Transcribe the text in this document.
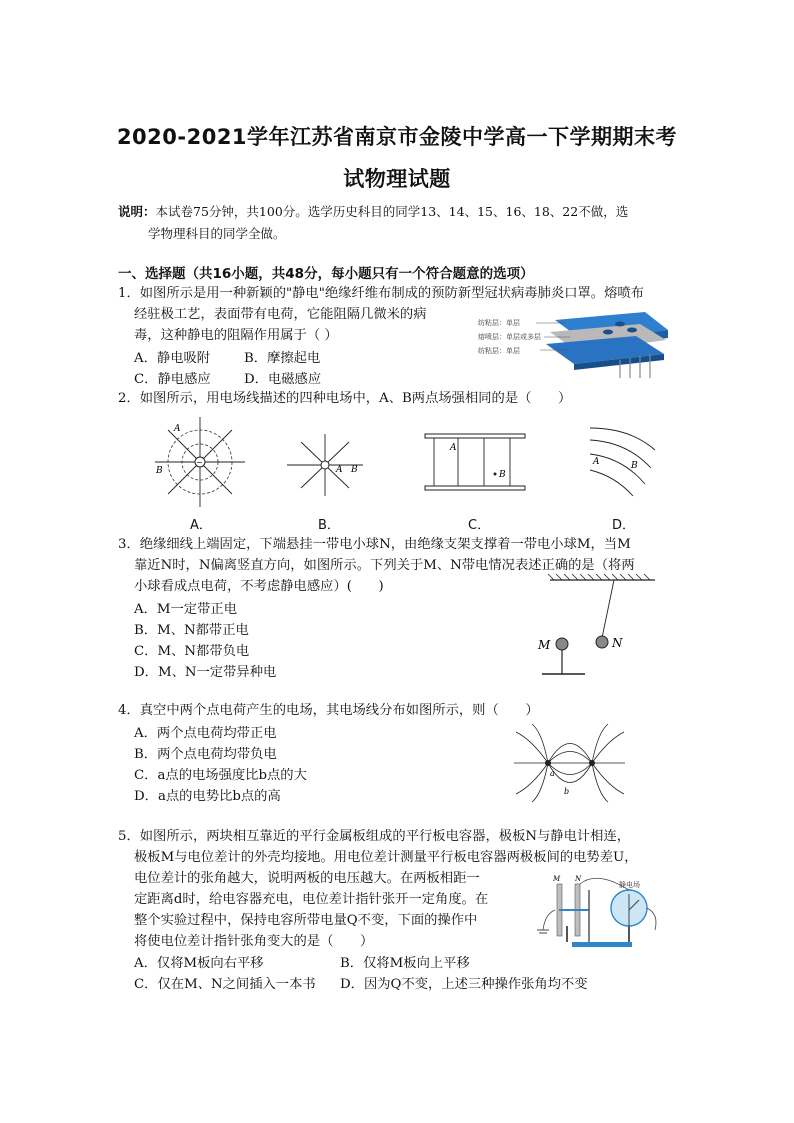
2020-2021学年江苏省南京市金陵中学高一下学期期末考
试物理试题
说明：本试卷75分钟，共100分。选学历史科目的同学13、14、15、16、18、22不做，选
学物理科目的同学全做。
一、选择题（共16小题，共48分，每小题只有一个符合题意的选项）
1．如图所示是用一种新颖的"静电"绝缘纤维布制成的预防新型冠状病毒肺炎口罩。熔喷布
经驻极工艺，表面带有电荷，它能阻隔几微米的病
毒，这种静电的阻隔作用属于（ ）
A．静电吸附	B．摩擦起电
C．静电感应	D．电磁感应
纺粘层：单层
熔喷层：单层或多层
纺粘层：单层
2．如图所示，用电场线描述的四种电场中，A、B两点场强相同的是（　　）
−
A
B	A B
A
B
A	B
A．	B．	C．	D．
3．绝缘细线上端固定，下端悬挂一带电小球N，由绝缘支架支撑着一带电小球M，当M
靠近N时，N偏离竖直方向，如图所示。下列关于M、N带电情况表述正确的是（将两
小球看成点电荷，不考虑静电感应）(　　)
A．M一定带正电
B．M、N都带正电
C．M、N都带负电
D．M、N一定带异种电
N
M
4．真空中两个点电荷产生的电场，其电场线分布如图所示，则（　　）
A．两个点电荷均带正电
B．两个点电荷均带负电
C．a点的电场强度比b点的大
D．a点的电势比b点的高
a
b
5．如图所示，两块相互靠近的平行金属板组成的平行板电容器，极板N与静电计相连，
极板M与电位差计的外壳均接地。用电位差计测量平行板电容器两极板间的电势差U，
电位差计的张角越大，说明两板的电压越大。在两板相距一
定距离d时，给电容器充电，电位差计指针张开一定角度。在
整个实验过程中，保持电容所带电量Q不变，下面的操作中
将使电位差计指针张角变大的是（　　）
A．仅将M板向右平移	B．仅将M板向上平移
C．仅在M、N之间插入一本书 D．因为Q不变，上述三种操作张角均不变
M N
静电场
